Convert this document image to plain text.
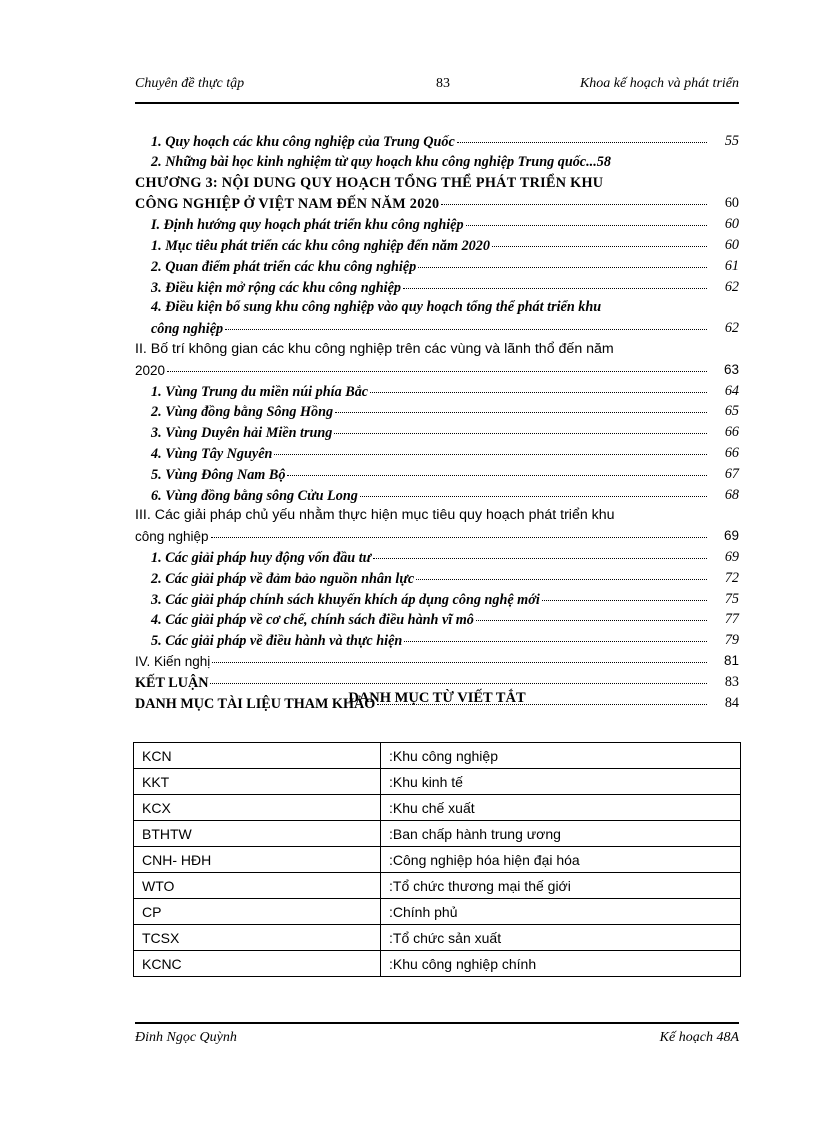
Chuyên đề thực tập	83	Khoa kế hoạch và phát triển
1. Quy hoạch các khu công nghiệp của Trung Quốc	55
2. Những bài học kinh nghiệm từ quy hoạch khu công nghiệp Trung quốc ...58
CHƯƠNG 3: NỘI DUNG QUY HOẠCH TỔNG THỂ PHÁT TRIỂN KHU
CÔNG NGHIỆP Ở VIỆT NAM ĐẾN NĂM 2020	60
I. Định hướng quy hoạch phát triển khu công nghiệp	60
1. Mục tiêu phát triển các khu công nghiệp đến năm 2020	60
2. Quan điểm phát triển các khu công nghiệp	61
3. Điều kiện mở rộng các khu công nghiệp	62
4. Điều kiện bổ sung khu công nghiệp vào quy hoạch tổng thể phát triển khu
công nghiệp	62
II. Bố trí không gian các khu công nghiệp trên các vùng và lãnh thổ đến năm
2020	63
1. Vùng Trung du miền núi phía Bắc	64
2. Vùng đồng bằng Sông Hồng	65
3. Vùng Duyên hải Miền trung	66
4. Vùng Tây Nguyên	66
5. Vùng Đông Nam Bộ	67
6. Vùng đồng bằng sông Cửu Long	68
III. Các giải pháp chủ yếu nhằm thực hiện mục tiêu quy hoạch phát triển khu
công nghiệp	69
1. Các giải pháp huy động vốn đầu tư	69
2. Các giải pháp về đảm bảo nguồn nhân lực	72
3. Các giải pháp chính sách khuyến khích áp dụng công nghệ mới	75
4. Các giải pháp về cơ chế, chính sách điều hành vĩ mô	77
5. Các giải pháp về điều hành và thực hiện	79
IV. Kiến nghị	81
KẾT LUẬN	83
DANH MỤC TÀI LIỆU THAM KHẢO	84
DANH MỤC TỪ VIẾT TẮT
KCN	:Khu công nghiệp
KKT	:Khu kinh tế
KCX	:Khu chế xuất
BTHTW	:Ban chấp hành trung ương
CNH- HĐH	:Công nghiệp hóa hiện đại hóa
WTO	:Tổ chức thương mại thế giới
CP	:Chính phủ
TCSX	:Tổ chức sản xuất
KCNC	:Khu công nghiệp chính
Đinh Ngọc Quỳnh	Kế hoạch 48A
